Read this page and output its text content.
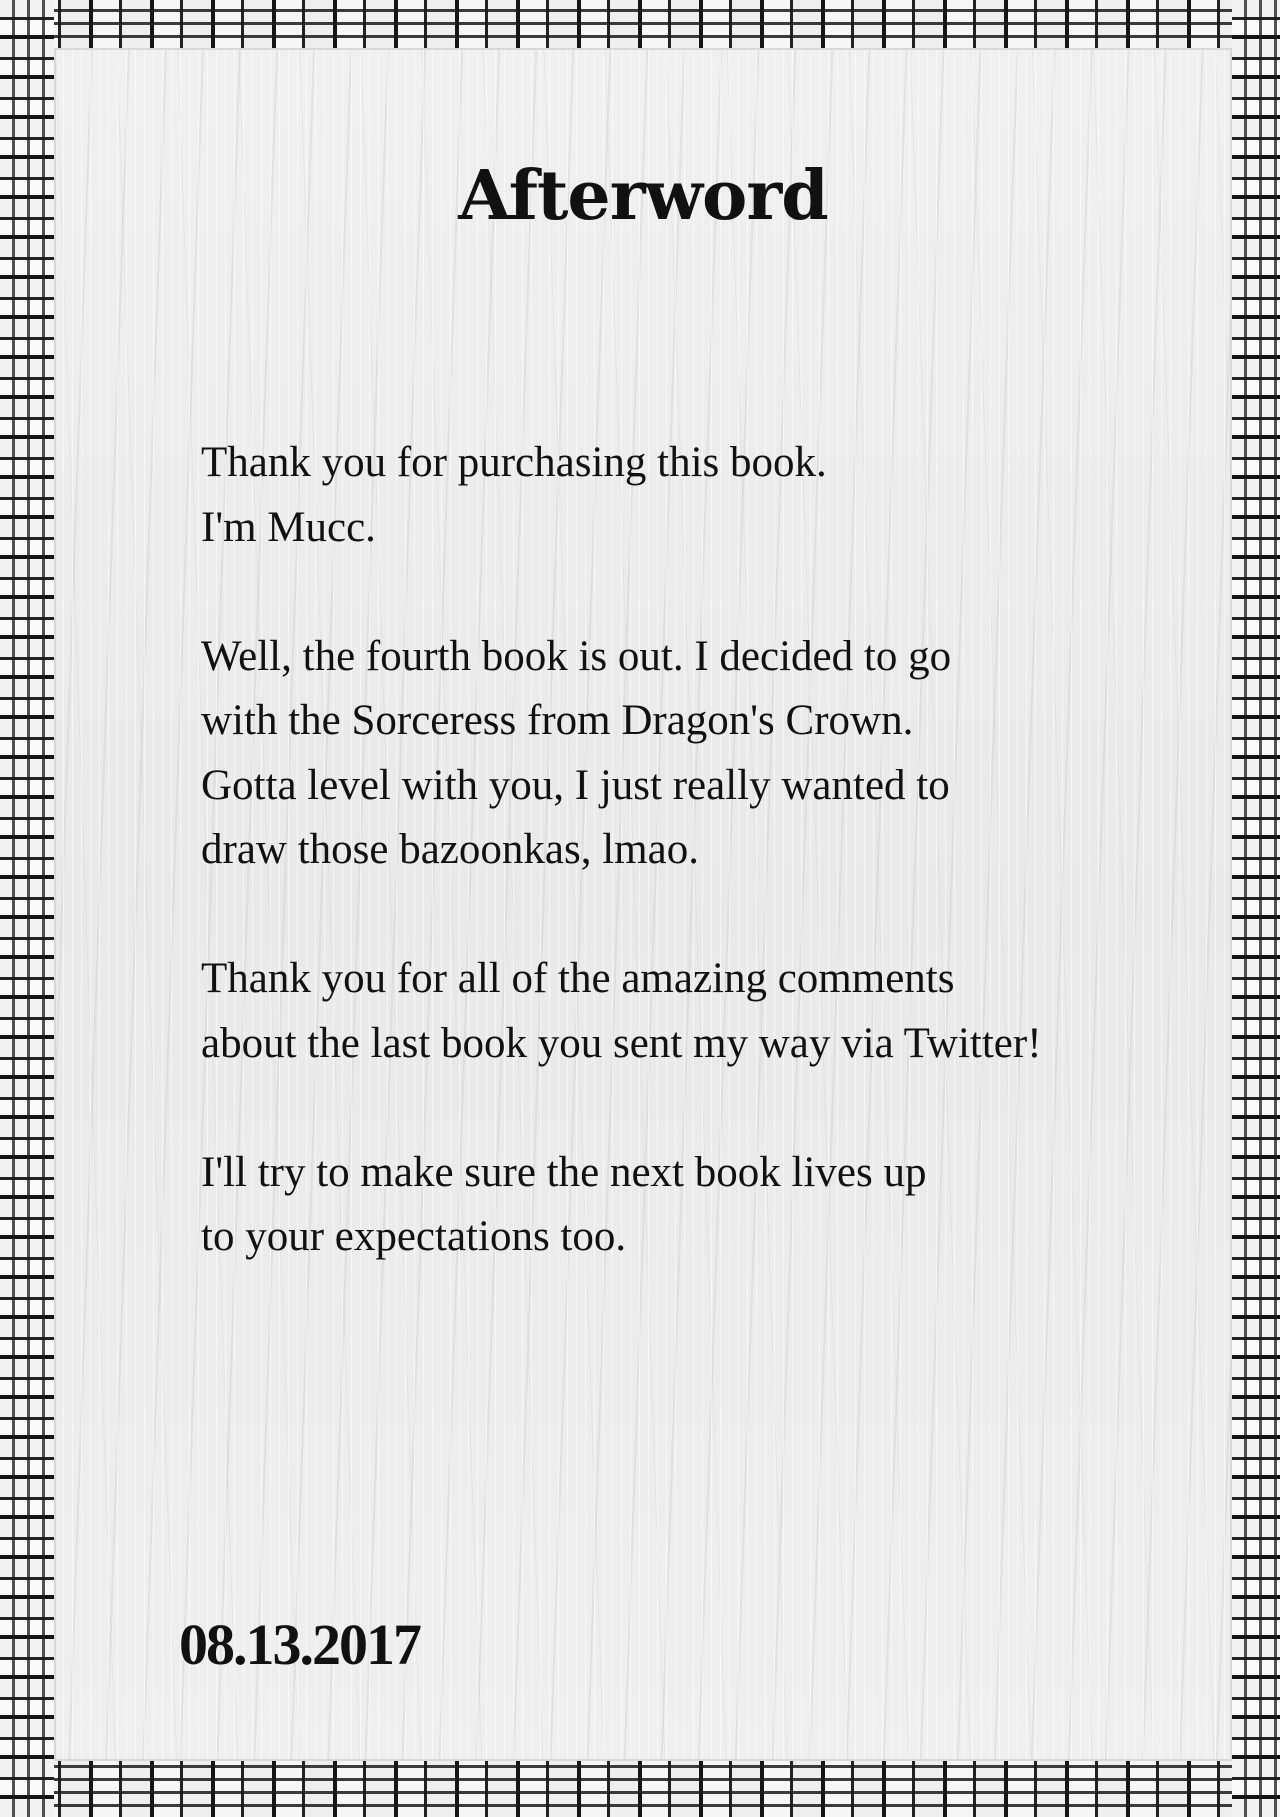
Afterword

Thank you for purchasing this book.
I'm Mucc.

Well, the fourth book is out. I decided to go
with the Sorceress from Dragon's Crown.
Gotta level with you, I just really wanted to
draw those bazoonkas, lmao.

Thank you for all of the amazing comments
about the last book you sent my way via Twitter!

I'll try to make sure the next book lives up
to your expectations too.

08.13.2017
